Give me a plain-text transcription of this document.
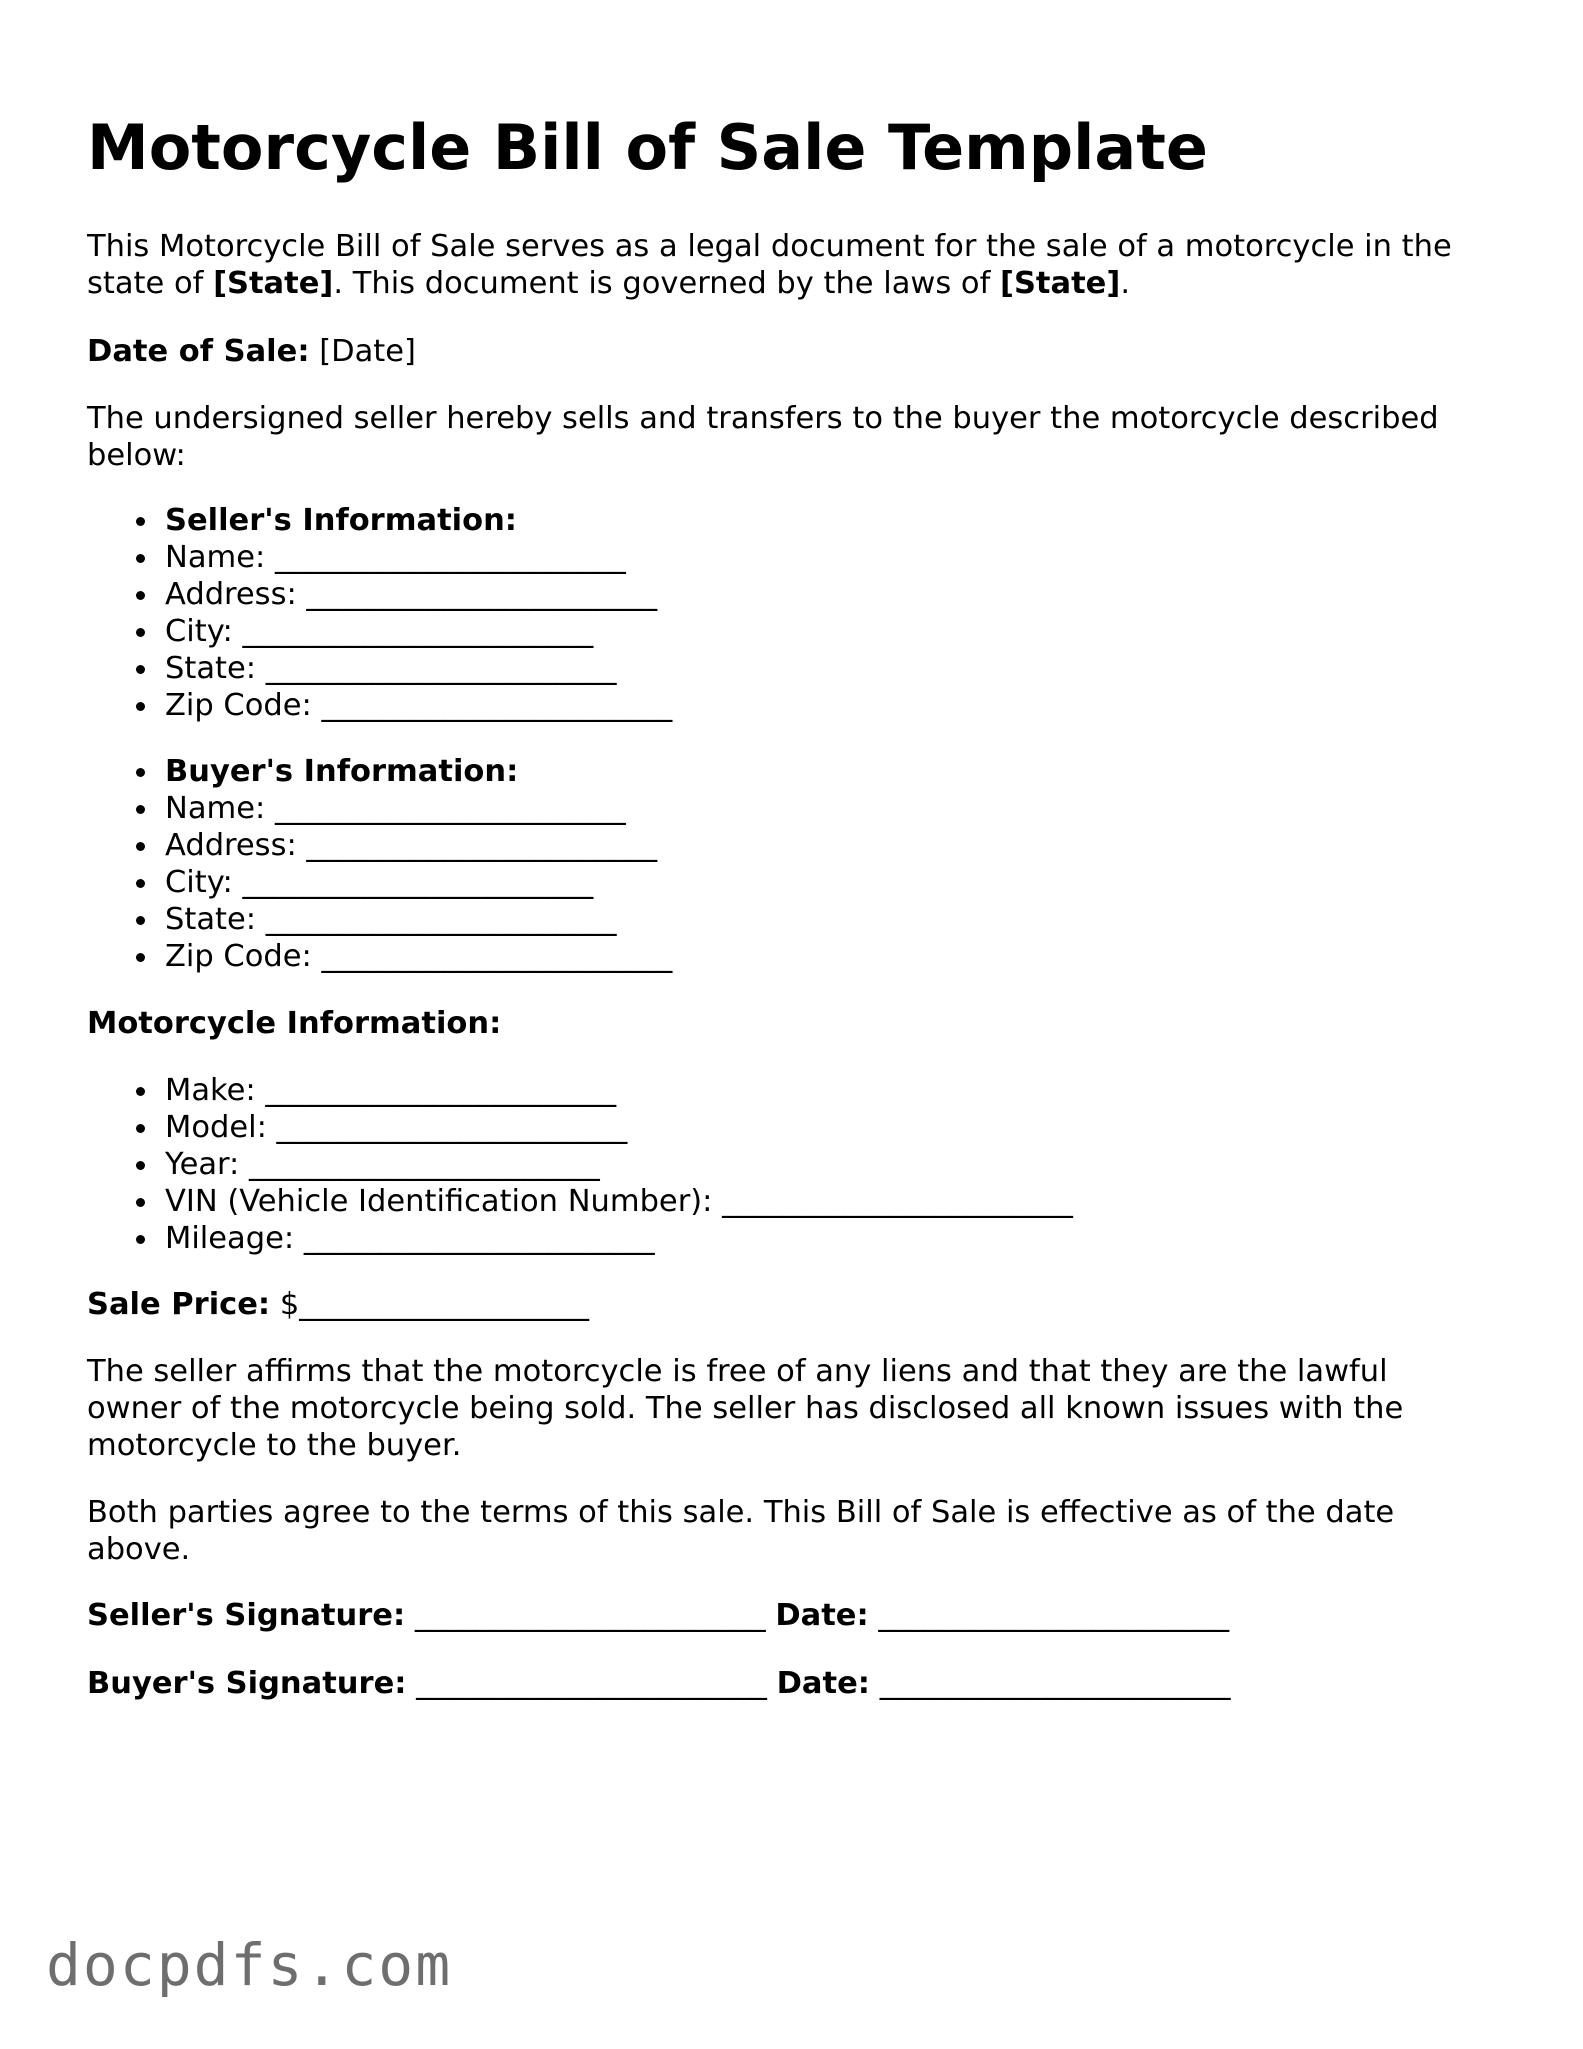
Motorcycle Bill of Sale Template

This Motorcycle Bill of Sale serves as a legal document for the sale of a motorcycle in the state of [State]. This document is governed by the laws of [State].

Date of Sale: [Date]

The undersigned seller hereby sells and transfers to the buyer the motorcycle described below:

Seller's Information:
Name: _______________________
Address: _______________________
City: _______________________
State: _______________________
Zip Code: _______________________
Buyer's Information:
Name: _______________________
Address: _______________________
City: _______________________
State: _______________________
Zip Code: _______________________

Motorcycle Information:

Make: _______________________
Model: _______________________
Year: _______________________
VIN (Vehicle Identification Number): _______________________
Mileage: _______________________

Sale Price: $___________________

The seller affirms that the motorcycle is free of any liens and that they are the lawful owner of the motorcycle being sold. The seller has disclosed all known issues with the motorcycle to the buyer.

Both parties agree to the terms of this sale. This Bill of Sale is effective as of the date above.

Seller's Signature: _______________________ Date: _______________________
Buyer's Signature: _______________________ Date: _______________________
docpdfs.com
